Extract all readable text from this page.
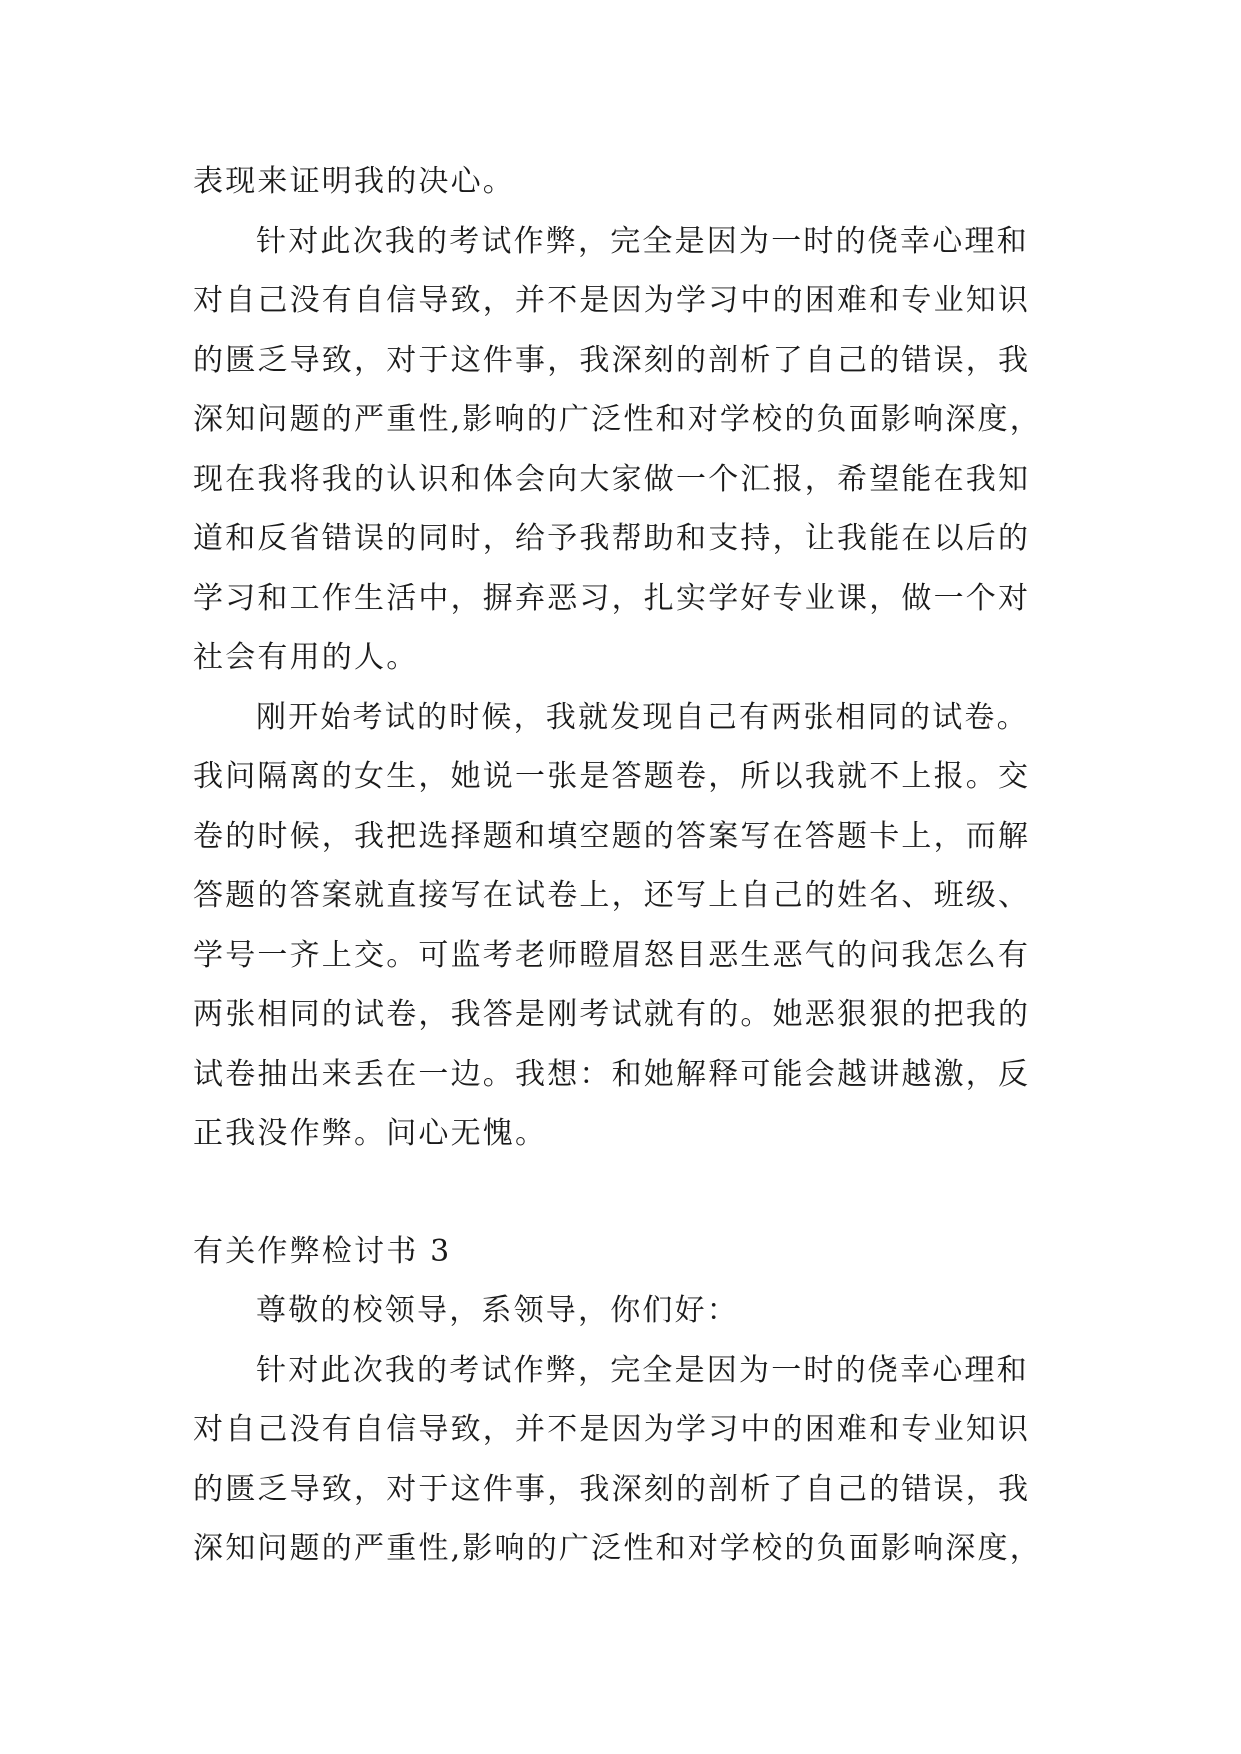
表现来证明我的决心。
针对此次我的考试作弊，完全是因为一时的侥幸心理和
对自己没有自信导致，并不是因为学习中的困难和专业知识
的匮乏导致，对于这件事，我深刻的剖析了自己的错误，我
深知问题的严重性,影响的广泛性和对学校的负面影响深度，
现在我将我的认识和体会向大家做一个汇报，希望能在我知
道和反省错误的同时，给予我帮助和支持，让我能在以后的
学习和工作生活中，摒弃恶习，扎实学好专业课，做一个对
社会有用的人。
刚开始考试的时候，我就发现自己有两张相同的试卷。
我问隔离的女生，她说一张是答题卷，所以我就不上报。交
卷的时候，我把选择题和填空题的答案写在答题卡上，而解
答题的答案就直接写在试卷上，还写上自己的姓名、班级、
学号一齐上交。可监考老师瞪眉怒目恶生恶气的问我怎么有
两张相同的试卷，我答是刚考试就有的。她恶狠狠的把我的
试卷抽出来丢在一边。我想：和她解释可能会越讲越激，反
正我没作弊。问心无愧。
有关作弊检讨书 3
尊敬的校领导，系领导，你们好：
针对此次我的考试作弊，完全是因为一时的侥幸心理和
对自己没有自信导致，并不是因为学习中的困难和专业知识
的匮乏导致，对于这件事，我深刻的剖析了自己的错误，我
深知问题的严重性,影响的广泛性和对学校的负面影响深度，
